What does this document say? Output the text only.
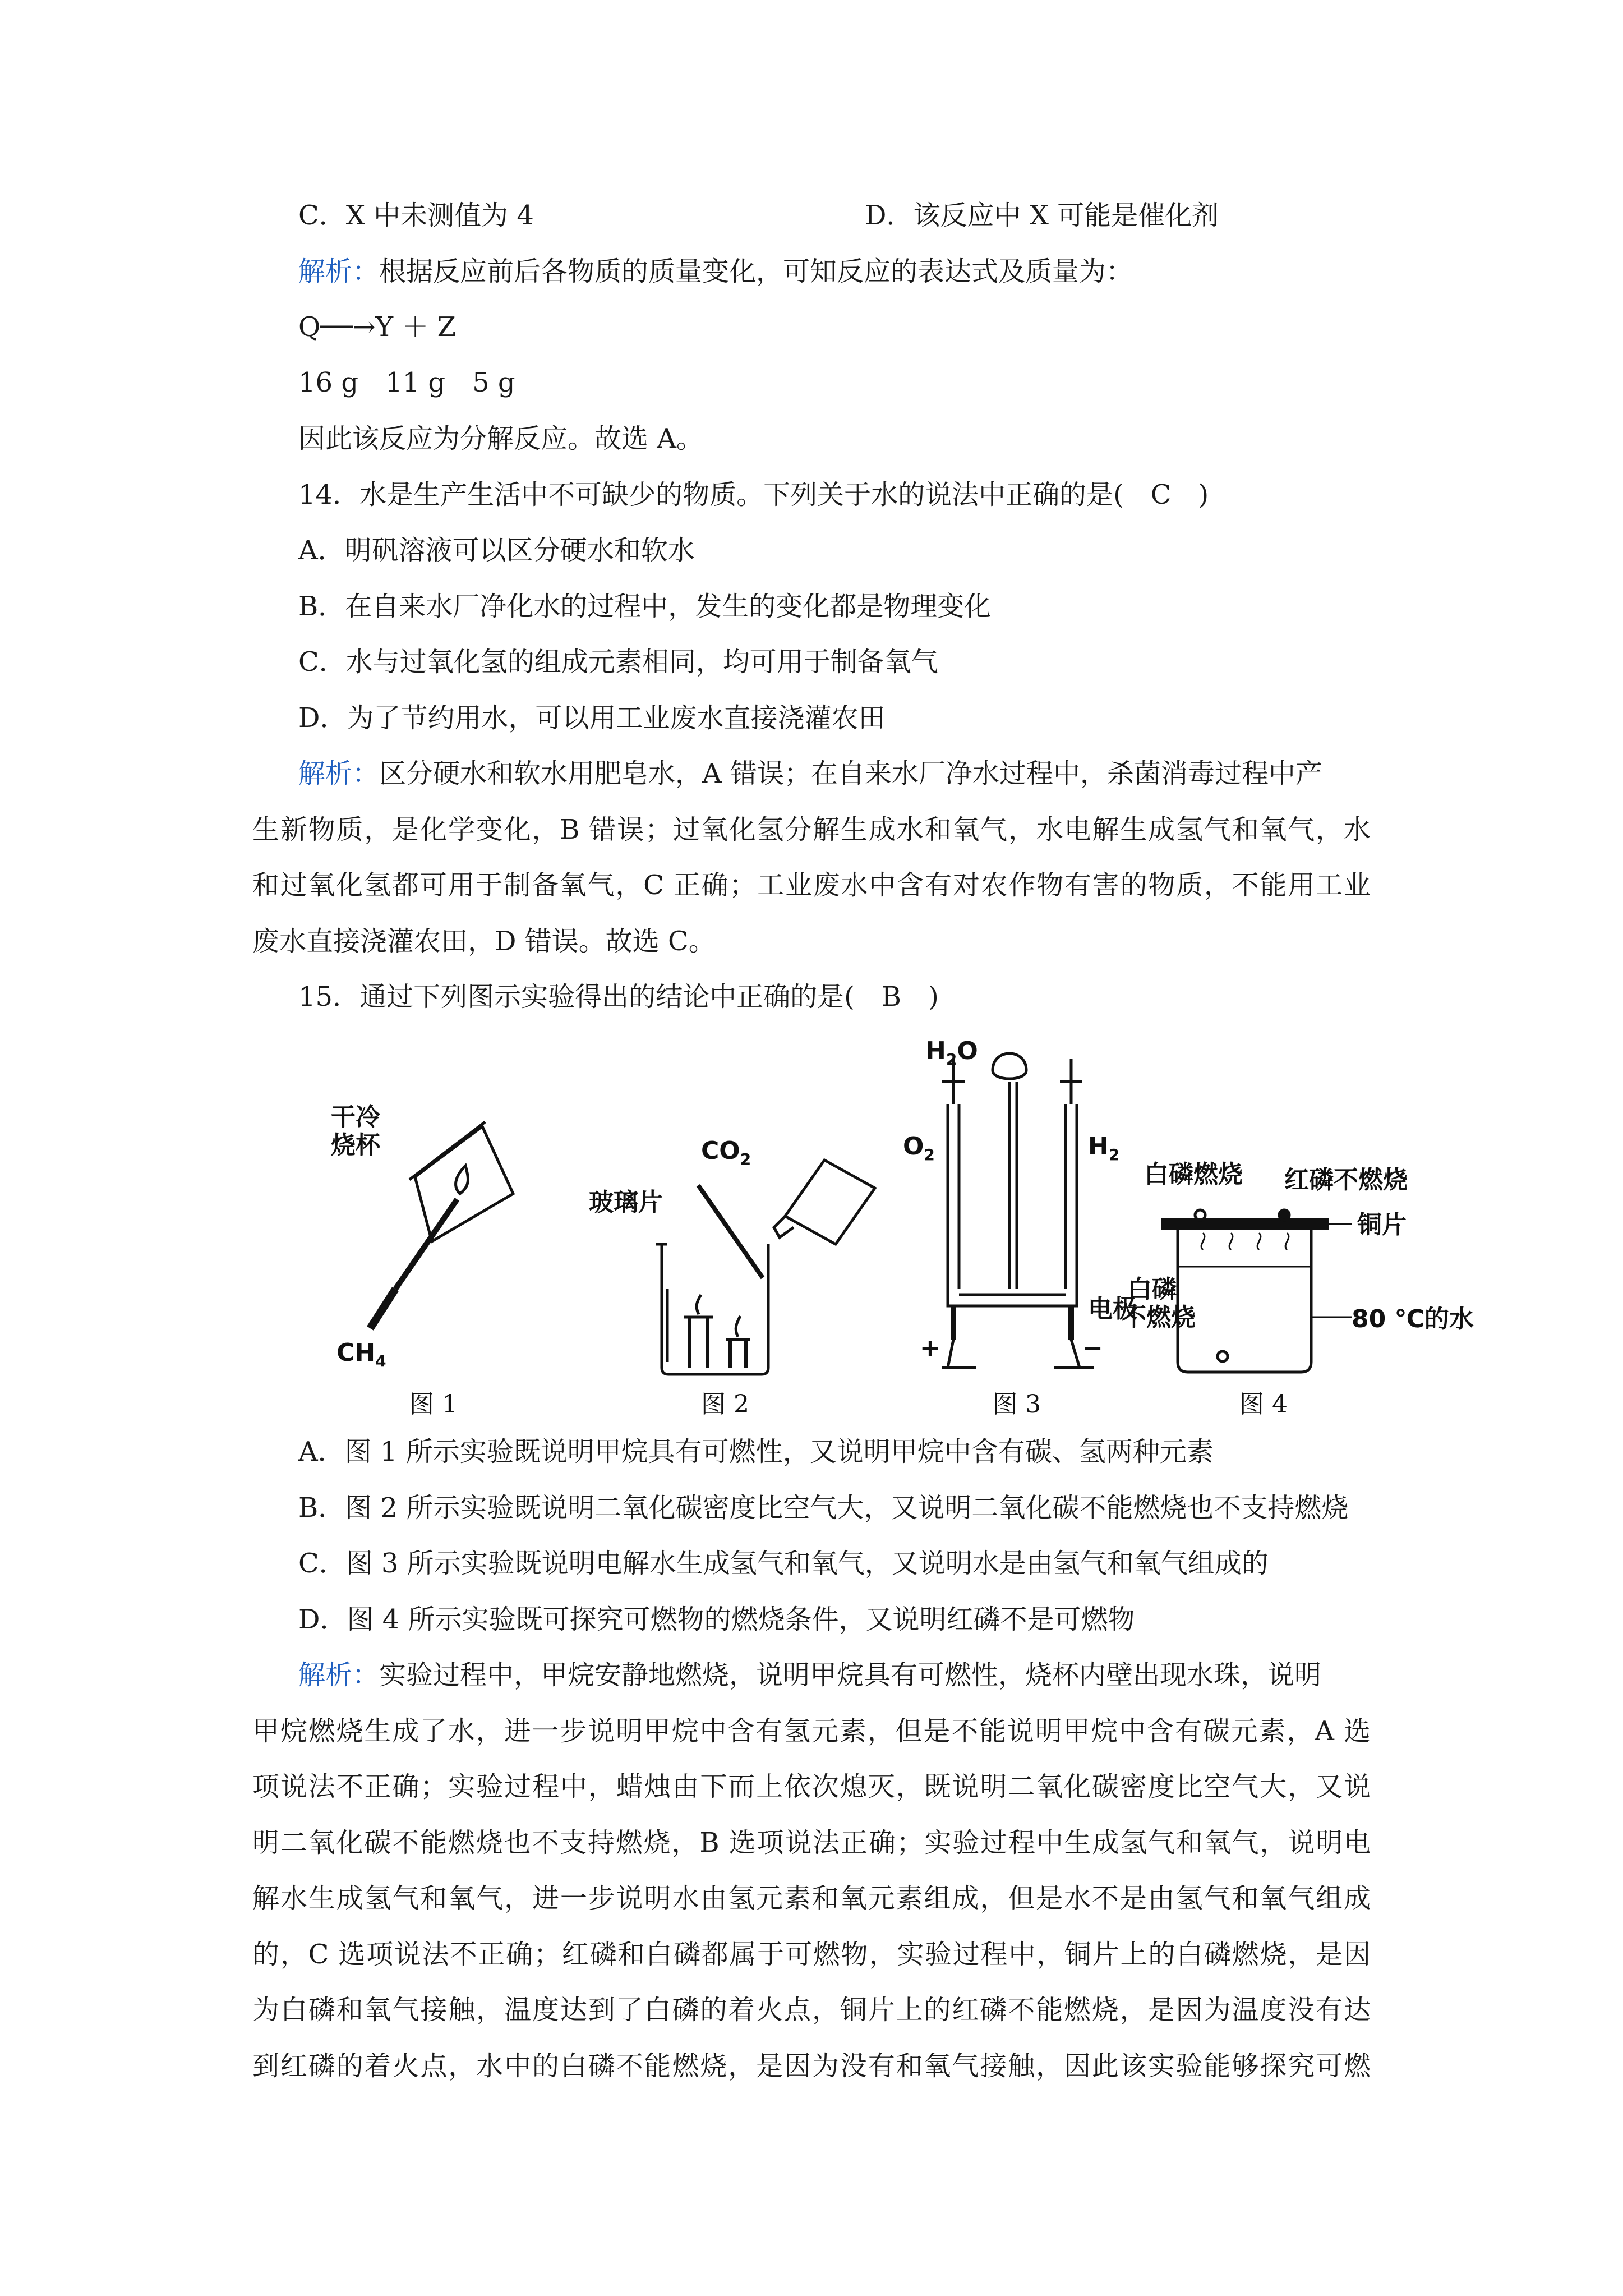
C．X 中未测值为 4	D．该反应中 X 可能是催化剂
解析：根据反应前后各物质的质量变化，可知反应的表达式及质量为：
Q──→Y ＋ Z
16 g　11 g　5 g
因此该反应为分解反应。故选 A。
14．水是生产生活中不可缺少的物质。下列关于水的说法中正确的是(　C　)
A．明矾溶液可以区分硬水和软水
B．在自来水厂净化水的过程中，发生的变化都是物理变化
C．水与过氧化氢的组成元素相同，均可用于制备氧气
D．为了节约用水，可以用工业废水直接浇灌农田
解析：区分硬水和软水用肥皂水，A 错误；在自来水厂净水过程中，杀菌消毒过程中产
生新物质，是化学变化，B 错误；过氧化氢分解生成水和氧气，水电解生成氢气和氧气，水
和过氧化氢都可用于制备氧气，C 正确；工业废水中含有对农作物有害的物质，不能用工业
废水直接浇灌农田，D 错误。故选 C。
15．通过下列图示实验得出的结论中正确的是(　B　)
干冷
烧杯
$CH_4$
图 1
$CO_2$
玻璃片
图 2
$H_2O$
$O_2$	$H_2$
电极
+	−
图 3
白磷燃烧 红磷不燃烧
铜片
白磷
不燃烧	80 ℃的水
图 4
A．图 1 所示实验既说明甲烷具有可燃性，又说明甲烷中含有碳、氢两种元素
B．图 2 所示实验既说明二氧化碳密度比空气大，又说明二氧化碳不能燃烧也不支持燃烧
C．图 3 所示实验既说明电解水生成氢气和氧气，又说明水是由氢气和氧气组成的
D．图 4 所示实验既可探究可燃物的燃烧条件，又说明红磷不是可燃物
解析：实验过程中，甲烷安静地燃烧，说明甲烷具有可燃性，烧杯内壁出现水珠，说明
甲烷燃烧生成了水，进一步说明甲烷中含有氢元素，但是不能说明甲烷中含有碳元素，A 选
项说法不正确；实验过程中，蜡烛由下而上依次熄灭，既说明二氧化碳密度比空气大，又说
明二氧化碳不能燃烧也不支持燃烧，B 选项说法正确；实验过程中生成氢气和氧气，说明电
解水生成氢气和氧气，进一步说明水由氢元素和氧元素组成，但是水不是由氢气和氧气组成
的，C 选项说法不正确；红磷和白磷都属于可燃物，实验过程中，铜片上的白磷燃烧，是因
为白磷和氧气接触，温度达到了白磷的着火点，铜片上的红磷不能燃烧，是因为温度没有达
到红磷的着火点，水中的白磷不能燃烧，是因为没有和氧气接触，因此该实验能够探究可燃
